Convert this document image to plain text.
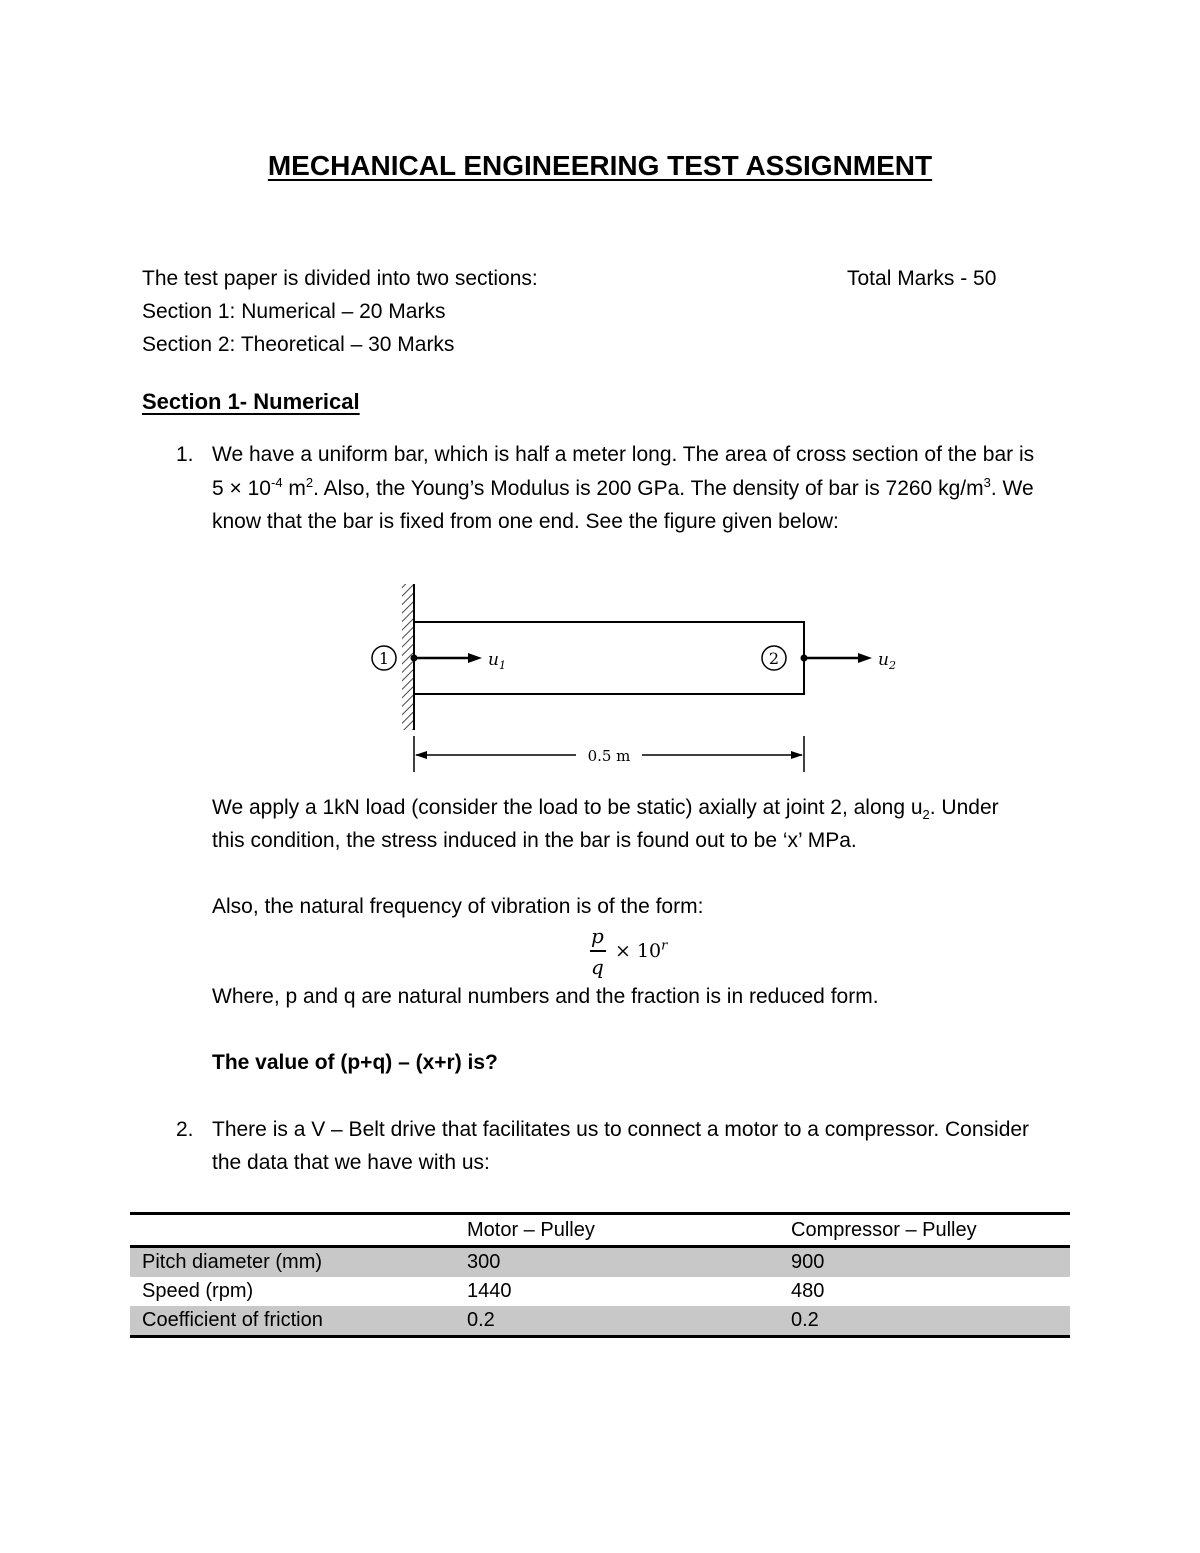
MECHANICAL ENGINEERING TEST ASSIGNMENT
The test paper is divided into two sections:	Total Marks - 50
Section 1: Numerical – 20 Marks
Section 2: Theoretical – 30 Marks
Section 1- Numerical
1. We have a uniform bar, which is half a meter long. The area of cross section of the bar is
$5 \times 10^{-4}$ $m^2$. Also, the Young’s Modulus is 200 GPa. The density of bar is 7260 $kg/m^3$. We
know that the bar is fixed from one end. See the figure given below:
1	$u_1$	2	$u_2$
0.5 m
We apply a 1kN load (consider the load to be static) axially at joint 2, along $u_2$. Under
this condition, the stress induced in the bar is found out to be ‘x’ MPa.
Also, the natural frequency of vibration is of the form:
p
q
× $10^r$
Where, p and q are natural numbers and the fraction is in reduced form.
The value of (p+q) – (x+r) is?
2. There is a V – Belt drive that facilitates us to connect a motor to a compressor. Consider
the data that we have with us:
	Motor – Pulley	Compressor – Pulley
Pitch diameter (mm)	300	900
Speed (rpm)	1440	480
Coefficient of friction	0.2	0.2
